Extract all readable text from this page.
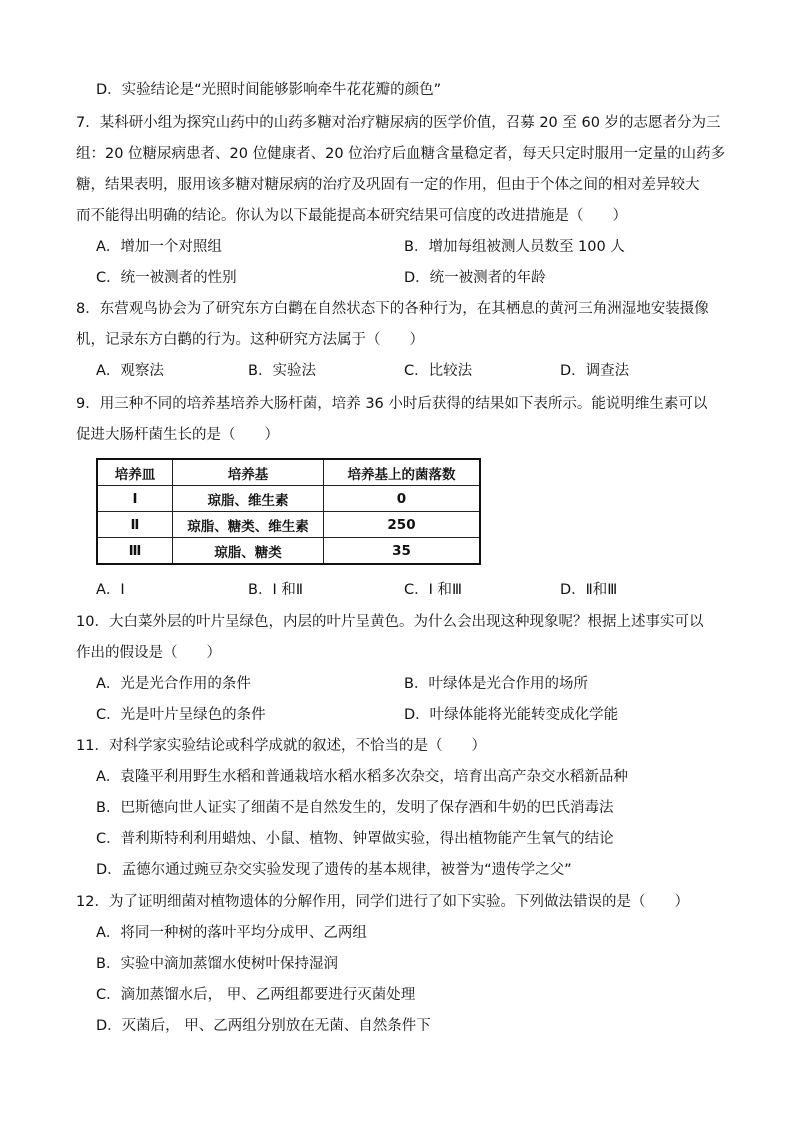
D．实验结论是“光照时间能够影响牵牛花花瓣的颜色”
7．某科研小组为探究山药中的山药多糖对治疗糖尿病的医学价值，召募 20 至 60 岁的志愿者分为三
组：20 位糖尿病患者、20 位健康者、20 位治疗后血糖含量稳定者，每天只定时服用一定量的山药多
糖，结果表明，服用该多糖对糖尿病的治疗及巩固有一定的作用，但由于个体之间的相对差异较大
而不能得出明确的结论。你认为以下最能提高本研究结果可信度的改进措施是（　　）
A．增加一个对照组	B．增加每组被测人员数至 100 人
C．统一被测者的性别	D．统一被测者的年龄
8．东营观鸟协会为了研究东方白鹳在自然状态下的各种行为，在其栖息的黄河三角洲湿地安装摄像
机，记录东方白鹳的行为。这种研究方法属于（　　）
A．观察法	B．实验法	C．比较法	D．调查法
9．用三种不同的培养基培养大肠杆菌，培养 36 小时后获得的结果如下表所示。能说明维生素可以
促进大肠杆菌生长的是（　　）
培养皿	培养基	培养基上的菌落数
Ⅰ	琼脂、维生素	0
Ⅱ	琼脂、糖类、维生素	250
Ⅲ	琼脂、糖类	35
A．I	B．I 和Ⅱ	C．I 和Ⅲ	D．Ⅱ和Ⅲ
10．大白菜外层的叶片呈绿色，内层的叶片呈黄色。为什么会出现这种现象呢？根据上述事实可以
作出的假设是（　　）
A．光是光合作用的条件	B．叶绿体是光合作用的场所
C．光是叶片呈绿色的条件	D．叶绿体能将光能转变成化学能
11．对科学家实验结论或科学成就的叙述，不恰当的是（　　）
A．袁隆平利用野生水稻和普通栽培水稻水稻多次杂交，培育出高产杂交水稻新品种
B．巴斯德向世人证实了细菌不是自然发生的，发明了保存酒和牛奶的巴氏消毒法
C．普利斯特利利用蜡烛、小鼠、植物、钟罩做实验，得出植物能产生氧气的结论
D．孟德尔通过豌豆杂交实验发现了遗传的基本规律，被誉为“遗传学之父”
12．为了证明细菌对植物遗体的分解作用，同学们进行了如下实验。下列做法错误的是（　　）
A．将同一种树的落叶平均分成甲、乙两组
B．实验中滴加蒸馏水使树叶保持湿润
C．滴加蒸馏水后， 甲、乙两组都要进行灭菌处理
D．灭菌后， 甲、乙两组分别放在无菌、自然条件下
